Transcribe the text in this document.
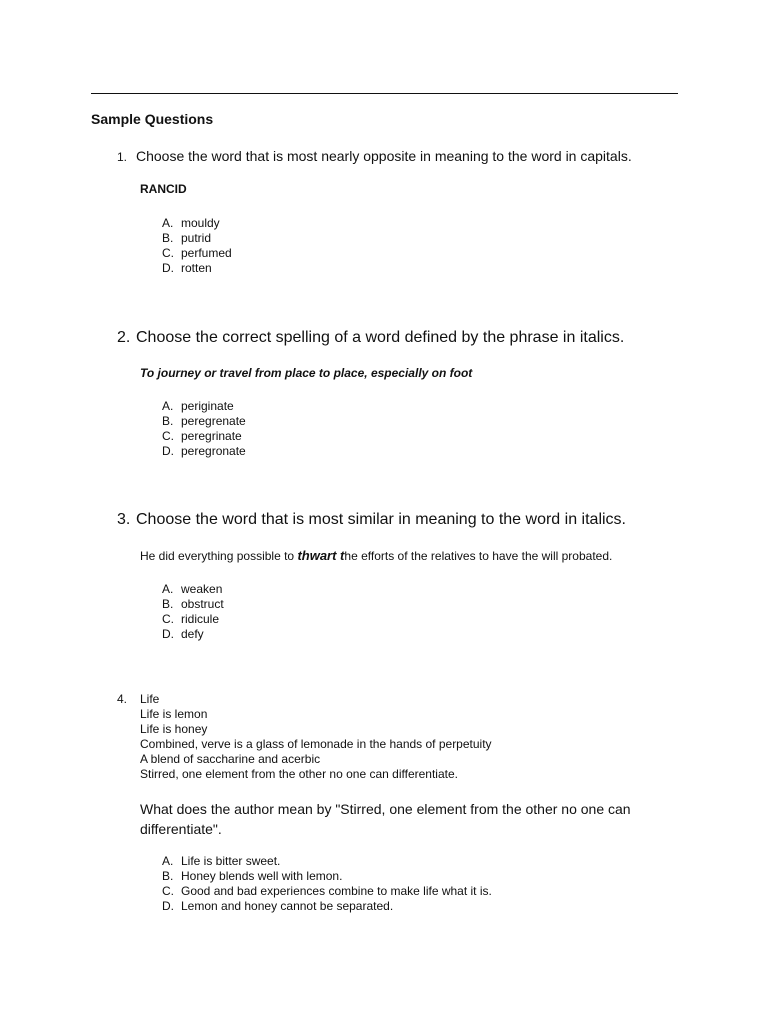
Sample Questions
1. Choose the word that is most nearly opposite in meaning to the word in capitals.
RANCID
A. mouldy
B. putrid
C. perfumed
D. rotten
2. Choose the correct spelling of a word defined by the phrase in italics.
To journey or travel from place to place, especially on foot
A. periginate
B. peregrenate
C. peregrinate
D. peregronate
3. Choose the word that is most similar in meaning to the word in italics.
He did everything possible to thwart the efforts of the relatives to have the will probated.
A. weaken
B. obstruct
C. ridicule
D. defy
4. Life
Life is lemon
Life is honey
Combined, verve is a glass of lemonade in the hands of perpetuity
A blend of saccharine and acerbic
Stirred, one element from the other no one can differentiate.
What does the author mean by "Stirred, one element from the other no one can differentiate".
A. Life is bitter sweet.
B. Honey blends well with lemon.
C. Good and bad experiences combine to make life what it is.
D. Lemon and honey cannot be separated.
